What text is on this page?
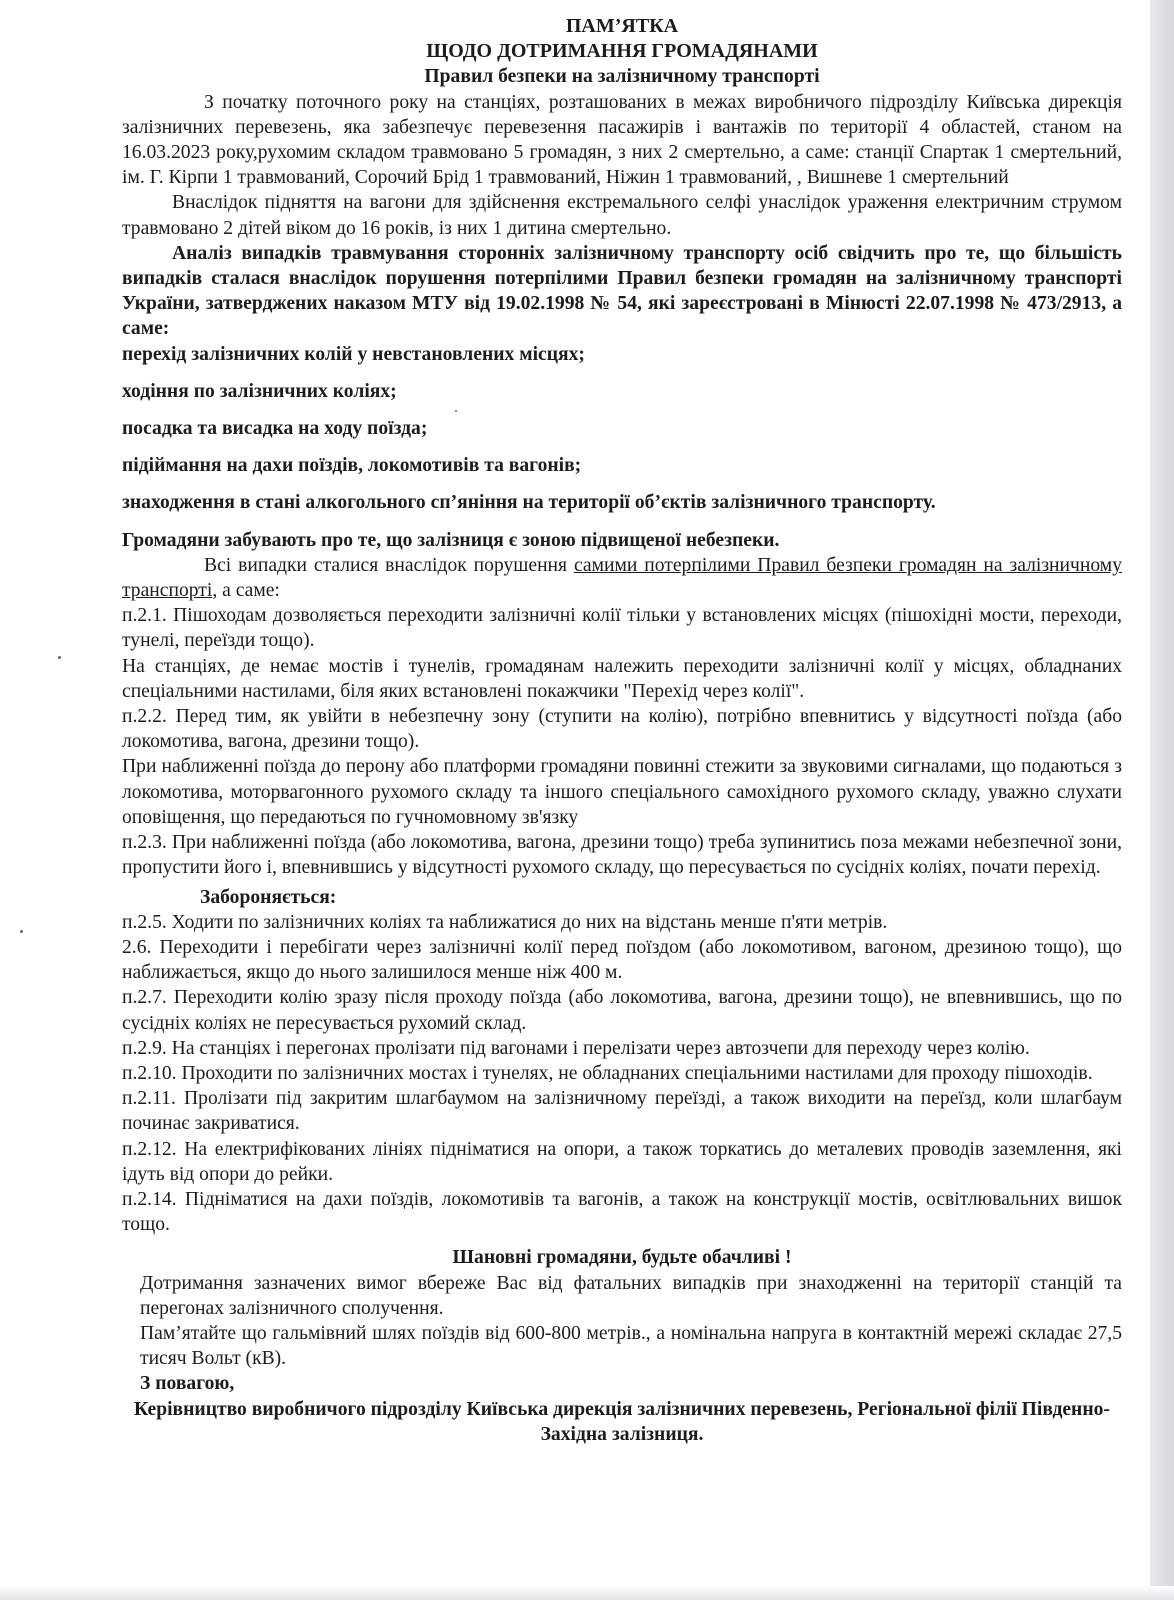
ПАМ’ЯТКА

ЩОДО ДОТРИМАННЯ ГРОМАДЯНАМИ

Правил безпеки на залізничному транспорті

З початку поточного року на станціях, розташованих в межах виробничого підрозділу Київська дирекція залізничних перевезень, яка забезпечує перевезення пасажирів і вантажів по території 4 областей, станом на 16.03.2023 року,рухомим складом травмовано 5 громадян, з них 2 смертельно, а саме: станції Спартак 1 смертельний, ім. Г. Кірпи 1 травмований, Сорочий Брід 1 травмований, Ніжин 1 травмований, , Вишневе 1 смертельний

Внаслідок підняття на вагони для здійснення екстремального селфі унаслідок ураження електричним струмом травмовано 2 дітей віком до 16 років, із них 1 дитина смертельно.

Аналіз випадків травмування сторонніх залізничному транспорту осіб свідчить про те, що більшість випадків сталася внаслідок порушення потерпілими Правил безпеки громадян на залізничному транспорті України, затверджених наказом МТУ від 19.02.1998 № 54, які зареєстровані в Мінюсті 22.07.1998 № 473/2913, а саме:

перехід залізничних колій у невстановлених місцях;

ходіння по залізничних коліях;

посадка та висадка на ходу поїзда;

підіймання на дахи поїздів, локомотивів та вагонів;

знаходження в стані алкогольного сп’яніння на території об’єктів залізничного транспорту.

Громадяни забувають про те, що залізниця є зоною підвищеної небезпеки.

Всі випадки сталися внаслідок порушення самими потерпілими Правил безпеки громадян на залізничному транспорті, а саме:

п.2.1. Пішоходам дозволяється переходити залізничні колії тільки у встановлених місцях (пішохідні мости, переходи, тунелі, переїзди тощо).

На станціях, де немає мостів і тунелів, громадянам належить переходити залізничні колії у місцях, обладнаних спеціальними настилами, біля яких встановлені покажчики "Перехід через колії".

п.2.2. Перед тим, як увійти в небезпечну зону (ступити на колію), потрібно впевнитись у відсутності поїзда (або локомотива, вагона, дрезини тощо).

При наближенні поїзда до перону або платформи громадяни повинні стежити за звуковими сигналами, що подаються з локомотива, моторвагонного рухомого складу та іншого спеціального самохідного рухомого складу, уважно слухати оповіщення, що передаються по гучномовному зв'язку

п.2.3. При наближенні поїзда (або локомотива, вагона, дрезини тощо) треба зупинитись поза межами небезпечної зони, пропустити його і, впевнившись у відсутності рухомого складу, що пересувається по сусідніх коліях, почати перехід.

Забороняється:

п.2.5. Ходити по залізничних коліях та наближатися до них на відстань менше п'яти метрів.

2.6. Переходити і перебігати через залізничні колії перед поїздом (або локомотивом, вагоном, дрезиною тощо), що наближається, якщо до нього залишилося менше ніж 400 м.

п.2.7. Переходити колію зразу після проходу поїзда (або локомотива, вагона, дрезини тощо), не впевнившись, що по сусідніх коліях не пересувається рухомий склад.

п.2.9. На станціях і перегонах пролізати під вагонами і перелізати через автозчепи для переходу через колію.

п.2.10. Проходити по залізничних мостах і тунелях, не обладнаних спеціальними настилами для проходу пішоходів.

п.2.11. Пролізати під закритим шлагбаумом на залізничному переїзді, а також виходити на переїзд, коли шлагбаум починає закриватися.

п.2.12. На електрифікованих лініях підніматися на опори, а також торкатись до металевих проводів заземлення, які ідуть від опори до рейки.

п.2.14. Підніматися на дахи поїздів, локомотивів та вагонів, а також на конструкції мостів, освітлювальних вишок тощо.

Шановні громадяни, будьте обачливі !

Дотримання зазначених вимог вбереже Вас від фатальних випадків при знаходженні на території станцій та перегонах залізничного сполучення.

Пам’ятайте що гальмівний шлях поїздів від 600-800 метрів., а номінальна напруга в контактній мережі складає 27,5 тисяч Вольт (кВ).

З повагою,

Керівництво виробничого підрозділу Київська дирекція залізничних перевезень, Регіональної філії Південно-Західна залізниця.
